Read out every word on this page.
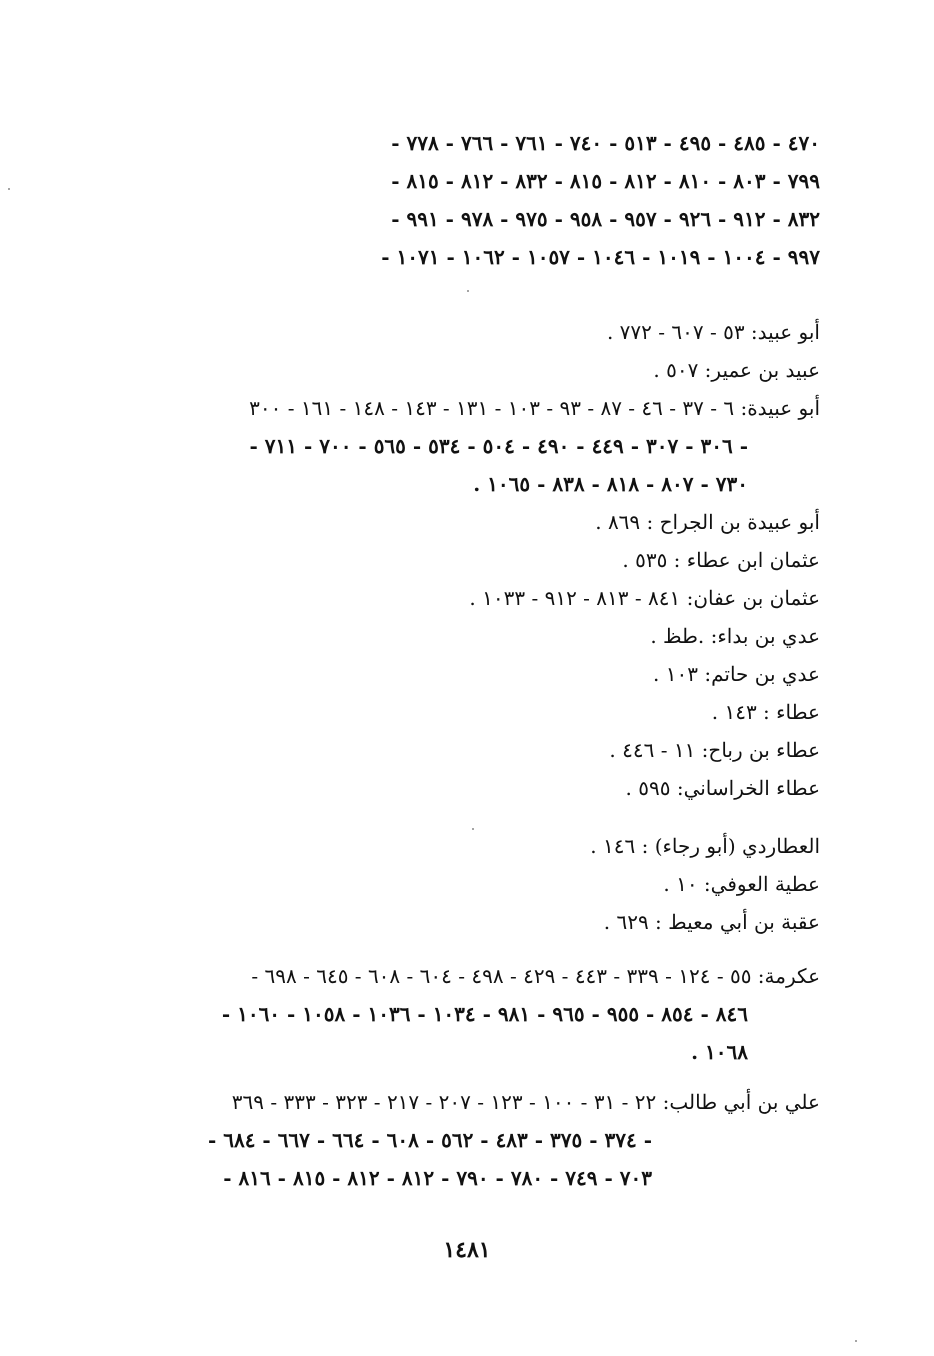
٤٧٠ - ٤٨٥ - ٤٩٥ - ٥١٣ - ٧٤٠ - ٧٦١ - ٧٦٦ - ٧٧٨ -
٧٩٩ - ٨٠٣ - ٨١٠ - ٨١٢ - ٨١٥ - ٨٣٢ - ٨١٢ - ٨١٥ -
٨٣٢ - ٩١٢ - ٩٢٦ - ٩٥٧ - ٩٥٨ - ٩٧٥ - ٩٧٨ - ٩٩١ -
٩٩٧ - ١٠٠٤ - ١٠١٩ - ١٠٤٦ - ١٠٥٧ - ١٠٦٢ - ١٠٧١ -
أبو عبيد: ٥٣ - ٦٠٧ - ٧٧٢ .
عبيد بن عمير: ٥٠٧ .
أبو عبيدة: ٦ - ٣٧ - ٤٦ - ٨٧ - ٩٣ - ١٠٣ - ١٣١ - ١٤٣ - ١٤٨ - ١٦١ - ٣٠٠
- ٣٠٦ - ٣٠٧ - ٤٤٩ - ٤٩٠ - ٥٠٤ - ٥٣٤ - ٥٦٥ - ٧٠٠ - ٧١١ -
٧٣٠ - ٨٠٧ - ٨١٨ - ٨٣٨ - ١٠٦٥ .
أبو عبيدة بن الجراح : ٨٦٩ .
عثمان ابن عطاء : ٥٣٥ .
عثمان بن عفان: ٨٤١ - ٨١٣ - ٩١٢ - ١٠٣٣ .
عدي بن بداء: .طظ .
عدي بن حاتم: ١٠٣ .
عطاء : ١٤٣ .
عطاء بن رباح: ١١ - ٤٤٦ .
عطاء الخراساني: ٥٩٥ .
العطاردي (أبو رجاء) : ١٤٦ .
عطية العوفي: ١٠ .
عقبة بن أبي معيط : ٦٢٩ .
عكرمة: ٥٥ - ١٢٤ - ٣٣٩ - ٤٤٣ - ٤٢٩ - ٤٩٨ - ٦٠٤ - ٦٠٨ - ٦٤٥ - ٦٩٨ -
٨٤٦ - ٨٥٤ - ٩٥٥ - ٩٦٥ - ٩٨١ - ١٠٣٤ - ١٠٣٦ - ١٠٥٨ - ١٠٦٠ -
١٠٦٨ .
علي بن أبي طالب: ٢٢ - ٣١ - ١٠٠ - ١٢٣ - ٢٠٧ - ٢١٧ - ٣٢٣ - ٣٣٣ - ٣٦٩
- ٣٧٤ - ٣٧٥ - ٤٨٣ - ٥٦٢ - ٦٠٨ - ٦٦٤ - ٦٦٧ - ٦٨٤ -
٧٠٣ - ٧٤٩ - ٧٨٠ - ٧٩٠ - ٨١٢ - ٨١٢ - ٨١٥ - ٨١٦ -
١٤٨١
